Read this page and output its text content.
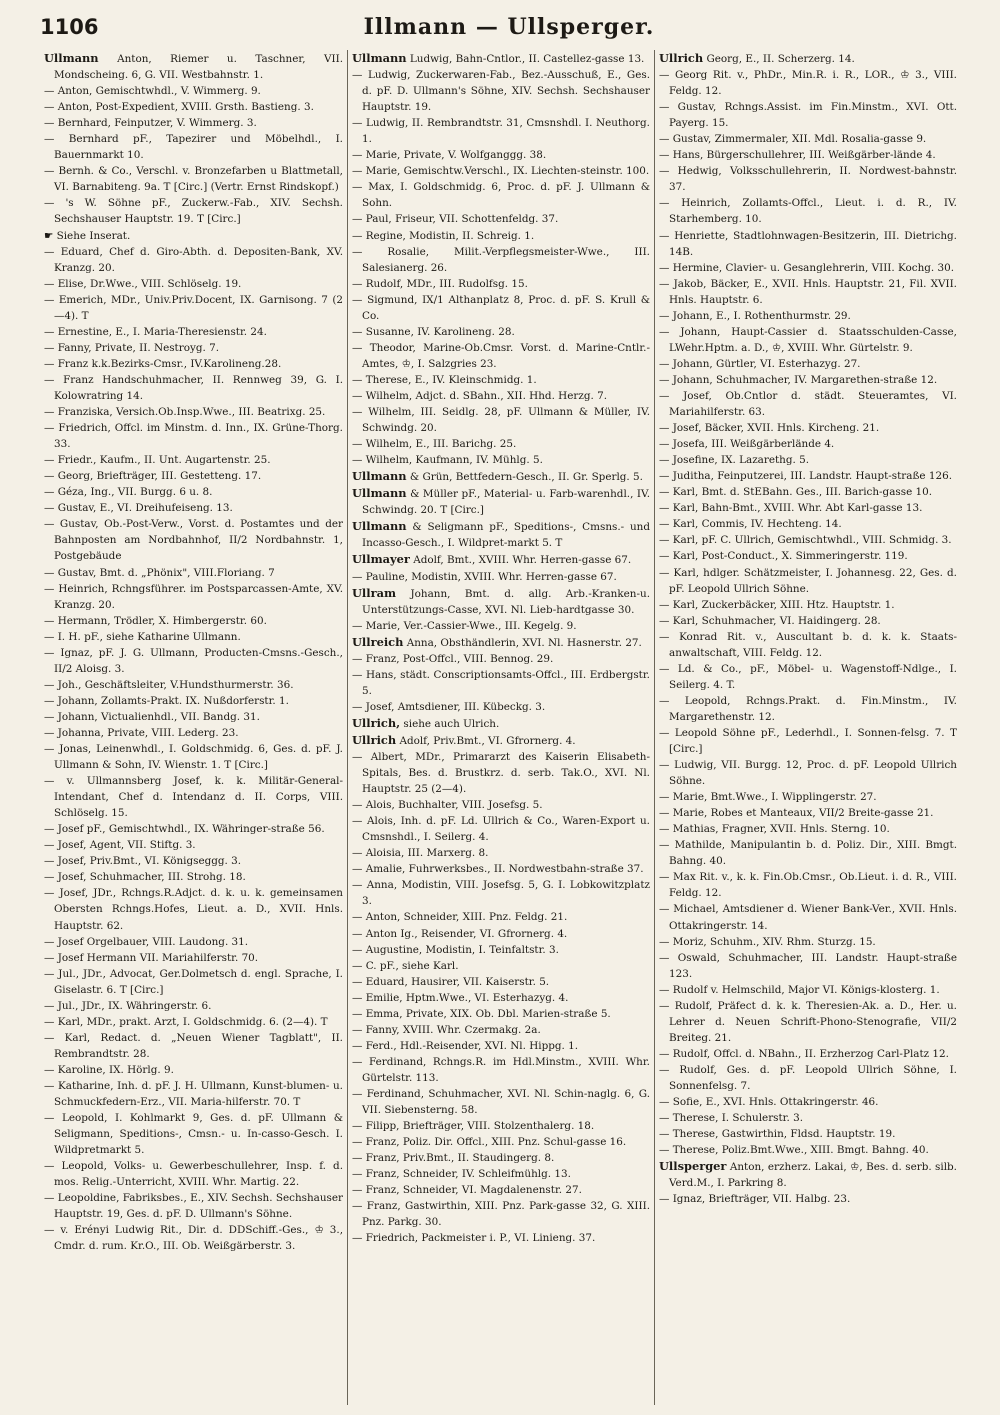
1106	Illmann — Ullsperger.
Ullmann Anton, Riemer u. Taschner, VII. Mondscheing. 6, G. VII. Westbahnstr. 1.
— Anton, Gemischtwhdl., V. Wimmerg. 9.
— Anton, Post-Expedient, XVIII. Grsth. Bastieng. 3.
— Bernhard, Feinputzer, V. Wimmerg. 3.
— Bernhard pF., Tapezirer und Möbelhdl., I. Bauernmarkt 10.
— Bernh. & Co., Verschl. v. Bronzefarben u Blattmetall, VI. Barnabiteng. 9a. T [Circ.] (Vertr. Ernst Rindskopf.)
— 's W. Söhne pF., Zuckerw.-Fab., XIV. Sechsh. Sechshauser Hauptstr. 19. T [Circ.]
☛ Siehe Inserat.
— Eduard, Chef d. Giro-Abth. d. Depositen-Bank, XV. Kranzg. 20.
— Elise, Dr.Wwe., VIII. Schlöselg. 19.
— Emerich, MDr., Univ.Priv.Docent, IX. Garnisong. 7 (2—4). T
— Ernestine, E., I. Maria-Theresienstr. 24.
— Fanny, Private, II. Nestroyg. 7.
— Franz k.k.Bezirks-Cmsr., IV.Karolineng.28.
— Franz Handschuhmacher, II. Rennweg 39, G. I. Kolowratring 14.
— Franziska, Versich.Ob.Insp.Wwe., III. Beatrixg. 25.
— Friedrich, Offcl. im Minstm. d. Inn., IX. Grüne-Thorg. 33.
— Friedr., Kaufm., II. Unt. Augartenstr. 25.
— Georg, Briefträger, III. Gestetteng. 17.
— Géza, Ing., VII. Burgg. 6 u. 8.
— Gustav, E., VI. Dreihufeiseng. 13.
— Gustav, Ob.-Post-Verw., Vorst. d. Postamtes und der Bahnposten am Nordbahnhof, II/2 Nordbahnstr. 1, Postgebäude
— Gustav, Bmt. d. „Phönix", VIII.Floriang. 7
— Heinrich, Rchngsführer. im Postsparcassen-Amte, XV. Kranzg. 20.
— Hermann, Trödler, X. Himbergerstr. 60.
— I. H. pF., siehe Katharine Ullmann.
— Ignaz, pF. J. G. Ullmann, Producten-Cmsns.-Gesch., II/2 Aloisg. 3.
— Joh., Geschäftsleiter, V.Hundsthurmerstr. 36.
— Johann, Zollamts-Prakt. IX. Nußdorferstr. 1.
— Johann, Victualienhdl., VII. Bandg. 31.
— Johanna, Private, VIII. Lederg. 23.
— Jonas, Leinenwhdl., I. Goldschmidg. 6, Ges. d. pF. J. Ullmann & Sohn, IV. Wienstr. 1. T [Circ.]
— v. Ullmannsberg Josef, k. k. Militär-General-Intendant, Chef d. Intendanz d. II. Corps, VIII. Schlöselg. 15.
— Josef pF., Gemischtwhdl., IX. Währinger-straße 56.
— Josef, Agent, VII. Stiftg. 3.
— Josef, Priv.Bmt., VI. Königseggg. 3.
— Josef, Schuhmacher, III. Strohg. 18.
— Josef, JDr., Rchngs.R.Adjct. d. k. u. k. gemeinsamen Obersten Rchngs.Hofes, Lieut. a. D., XVII. Hnls. Hauptstr. 62.
— Josef Orgelbauer, VIII. Laudong. 31.
— Josef Hermann VII. Mariahilferstr. 70.
— Jul., JDr., Advocat, Ger.Dolmetsch d. engl. Sprache, I. Giselastr. 6. T [Circ.]
— Jul., JDr., IX. Währingerstr. 6.
— Karl, MDr., prakt. Arzt, I. Goldschmidg. 6. (2—4). T
— Karl, Redact. d. „Neuen Wiener Tagblatt", II. Rembrandtstr. 28.
— Karoline, IX. Hörlg. 9.
— Katharine, Inh. d. pF. J. H. Ullmann, Kunst-blumen- u. Schmuckfedern-Erz., VII. Maria-hilferstr. 70. T
— Leopold, I. Kohlmarkt 9, Ges. d. pF. Ullmann & Seligmann, Speditions-, Cmsn.- u. In-casso-Gesch. I. Wildpretmarkt 5.
— Leopold, Volks- u. Gewerbeschullehrer, Insp. f. d. mos. Relig.-Unterricht, XVIII. Whr. Martig. 22.
— Leopoldine, Fabriksbes., E., XIV. Sechsh. Sechshauser Hauptstr. 19, Ges. d. pF. D. Ullmann's Söhne.
— v. Erényi Ludwig Rit., Dir. d. DDSchiff.-Ges., ♔ 3., Cmdr. d. rum. Kr.O., III. Ob. Weißgärberstr. 3.
Ullmann Ludwig, Bahn-Cntlor., II. Castellez-gasse 13.
— Ludwig, Zuckerwaren-Fab., Bez.-Ausschuß, E., Ges. d. pF. D. Ullmann's Söhne, XIV. Sechsh. Sechshauser Hauptstr. 19.
— Ludwig, II. Rembrandtstr. 31, Cmsnshdl. I. Neuthorg. 1.
— Marie, Private, V. Wolfganggg. 38.
— Marie, Gemischtw.Verschl., IX. Liechten-steinstr. 100.
— Max, I. Goldschmidg. 6, Proc. d. pF. J. Ullmann & Sohn.
— Paul, Friseur, VII. Schottenfeldg. 37.
— Regine, Modistin, II. Schreig. 1.
— Rosalie, Milit.-Verpflegsmeister-Wwe., III. Salesianerg. 26.
— Rudolf, MDr., III. Rudolfsg. 15.
— Sigmund, IX/1 Althanplatz 8, Proc. d. pF. S. Krull & Co.
— Susanne, IV. Karolineng. 28.
— Theodor, Marine-Ob.Cmsr. Vorst. d. Marine-Cntlr.-Amtes, ♔, I. Salzgries 23.
— Therese, E., IV. Kleinschmidg. 1.
— Wilhelm, Adjct. d. SBahn., XII. Hhd. Herzg. 7.
— Wilhelm, III. Seidlg. 28, pF. Ullmann & Müller, IV. Schwindg. 20.
— Wilhelm, E., III. Barichg. 25.
— Wilhelm, Kaufmann, IV. Mühlg. 5.
Ullmann & Grün, Bettfedern-Gesch., II. Gr. Sperlg. 5.
Ullmann & Müller pF., Material- u. Farb-warenhdl., IV. Schwindg. 20. T [Circ.]
Ullmann & Seligmann pF., Speditions-, Cmsns.- und Incasso-Gesch., I. Wildpret-markt 5. T
Ullmayer Adolf, Bmt., XVIII. Whr. Herren-gasse 67.
— Pauline, Modistin, XVIII. Whr. Herren-gasse 67.
Ullram Johann, Bmt. d. allg. Arb.-Kranken-u. Unterstützungs-Casse, XVI. Nl. Lieb-hardtgasse 30.
— Marie, Ver.-Cassier-Wwe., III. Kegelg. 9.
Ullreich Anna, Obsthändlerin, XVI. Nl. Hasnerstr. 27.
— Franz, Post-Offcl., VIII. Bennog. 29.
— Hans, städt. Conscriptionsamts-Offcl., III. Erdbergstr. 5.
— Josef, Amtsdiener, III. Kübeckg. 3.
Ullrich, siehe auch Ulrich.
Ullrich Adolf, Priv.Bmt., VI. Gfrornerg. 4.
— Albert, MDr., Primararzt des Kaiserin Elisabeth-Spitals, Bes. d. Brustkrz. d. serb. Tak.O., XVI. Nl. Hauptstr. 25 (2—4).
— Alois, Buchhalter, VIII. Josefsg. 5.
— Alois, Inh. d. pF. Ld. Ullrich & Co., Waren-Export u. Cmsnshdl., I. Seilerg. 4.
— Aloisia, III. Marxerg. 8.
— Amalie, Fuhrwerksbes., II. Nordwestbahn-straße 37.
— Anna, Modistin, VIII. Josefsg. 5, G. I. Lobkowitzplatz 3.
— Anton, Schneider, XIII. Pnz. Feldg. 21.
— Anton Ig., Reisender, VI. Gfrornerg. 4.
— Augustine, Modistin, I. Teinfaltstr. 3.
— C. pF., siehe Karl.
— Eduard, Hausirer, VII. Kaiserstr. 5.
— Emilie, Hptm.Wwe., VI. Esterhazyg. 4.
— Emma, Private, XIX. Ob. Dbl. Marien-straße 5.
— Fanny, XVIII. Whr. Czermakg. 2a.
— Ferd., Hdl.-Reisender, XVI. Nl. Hippg. 1.
— Ferdinand, Rchngs.R. im Hdl.Minstm., XVIII. Whr. Gürtelstr. 113.
— Ferdinand, Schuhmacher, XVI. Nl. Schin-naglg. 6, G. VII. Siebensterng. 58.
— Filipp, Briefträger, VIII. Stolzenthalerg. 18.
— Franz, Poliz. Dir. Offcl., XIII. Pnz. Schul-gasse 16.
— Franz, Priv.Bmt., II. Staudingerg. 8.
— Franz, Schneider, IV. Schleifmühlg. 13.
— Franz, Schneider, VI. Magdalenenstr. 27.
— Franz, Gastwirthin, XIII. Pnz. Park-gasse 32, G. XIII. Pnz. Parkg. 30.
— Friedrich, Packmeister i. P., VI. Linieng. 37.
Ullrich Georg, E., II. Scherzerg. 14.
— Georg Rit. v., PhDr., Min.R. i. R., LOR., ♔ 3., VIII. Feldg. 12.
— Gustav, Rchngs.Assist. im Fin.Minstm., XVI. Ott. Payerg. 15.
— Gustav, Zimmermaler, XII. Mdl. Rosalia-gasse 9.
— Hans, Bürgerschullehrer, III. Weißgärber-lände 4.
— Hedwig, Volksschullehrerin, II. Nordwest-bahnstr. 37.
— Heinrich, Zollamts-Offcl., Lieut. i. d. R., IV. Starhemberg. 10.
— Henriette, Stadtlohnwagen-Besitzerin, III. Dietrichg. 14B.
— Hermine, Clavier- u. Gesanglehrerin, VIII. Kochg. 30.
— Jakob, Bäcker, E., XVII. Hnls. Hauptstr. 21, Fil. XVII. Hnls. Hauptstr. 6.
— Johann, E., I. Rothenthurmstr. 29.
— Johann, Haupt-Cassier d. Staatsschulden-Casse, LWehr.Hptm. a. D., ♔, XVIII. Whr. Gürtelstr. 9.
— Johann, Gürtler, VI. Esterhazyg. 27.
— Johann, Schuhmacher, IV. Margarethen-straße 12.
— Josef, Ob.Cntlor d. städt. Steueramtes, VI. Mariahilferstr. 63.
— Josef, Bäcker, XVII. Hnls. Kircheng. 21.
— Josefa, III. Weißgärberlände 4.
— Josefine, IX. Lazarethg. 5.
— Juditha, Feinputzerei, III. Landstr. Haupt-straße 126.
— Karl, Bmt. d. StEBahn. Ges., III. Barich-gasse 10.
— Karl, Bahn-Bmt., XVIII. Whr. Abt Karl-gasse 13.
— Karl, Commis, IV. Hechteng. 14.
— Karl, pF. C. Ullrich, Gemischtwhdl., VIII. Schmidg. 3.
— Karl, Post-Conduct., X. Simmeringerstr. 119.
— Karl, hdlger. Schätzmeister, I. Johannesg. 22, Ges. d. pF. Leopold Ullrich Söhne.
— Karl, Zuckerbäcker, XIII. Htz. Hauptstr. 1.
— Karl, Schuhmacher, VI. Haidingerg. 28.
— Konrad Rit. v., Auscultant b. d. k. k. Staats-anwaltschaft, VIII. Feldg. 12.
— Ld. & Co., pF., Möbel- u. Wagenstoff-Ndlge., I. Seilerg. 4. T.
— Leopold, Rchngs.Prakt. d. Fin.Minstm., IV. Margarethenstr. 12.
— Leopold Söhne pF., Lederhdl., I. Sonnen-felsg. 7. T [Circ.]
— Ludwig, VII. Burgg. 12, Proc. d. pF. Leopold Ullrich Söhne.
— Marie, Bmt.Wwe., I. Wipplingerstr. 27.
— Marie, Robes et Manteaux, VII/2 Breite-gasse 21.
— Mathias, Fragner, XVII. Hnls. Sterng. 10.
— Mathilde, Manipulantin b. d. Poliz. Dir., XIII. Bmgt. Bahng. 40.
— Max Rit. v., k. k. Fin.Ob.Cmsr., Ob.Lieut. i. d. R., VIII. Feldg. 12.
— Michael, Amtsdiener d. Wiener Bank-Ver., XVII. Hnls. Ottakringerstr. 14.
— Moriz, Schuhm., XIV. Rhm. Sturzg. 15.
— Oswald, Schuhmacher, III. Landstr. Haupt-straße 123.
— Rudolf v. Helmschild, Major VI. Königs-klosterg. 1.
— Rudolf, Präfect d. k. k. Theresien-Ak. a. D., Her. u. Lehrer d. Neuen Schrift-Phono-Stenografie, VII/2 Breiteg. 21.
— Rudolf, Offcl. d. NBahn., II. Erzherzog Carl-Platz 12.
— Rudolf, Ges. d. pF. Leopold Ullrich Söhne, I. Sonnenfelsg. 7.
— Sofie, E., XVI. Hnls. Ottakringerstr. 46.
— Therese, I. Schulerstr. 3.
— Therese, Gastwirthin, Fldsd. Hauptstr. 19.
— Therese, Poliz.Bmt.Wwe., XIII. Bmgt. Bahng. 40.
Ullsperger Anton, erzherz. Lakai, ♔, Bes. d. serb. silb. Verd.M., I. Parkring 8.
— Ignaz, Briefträger, VII. Halbg. 23.
